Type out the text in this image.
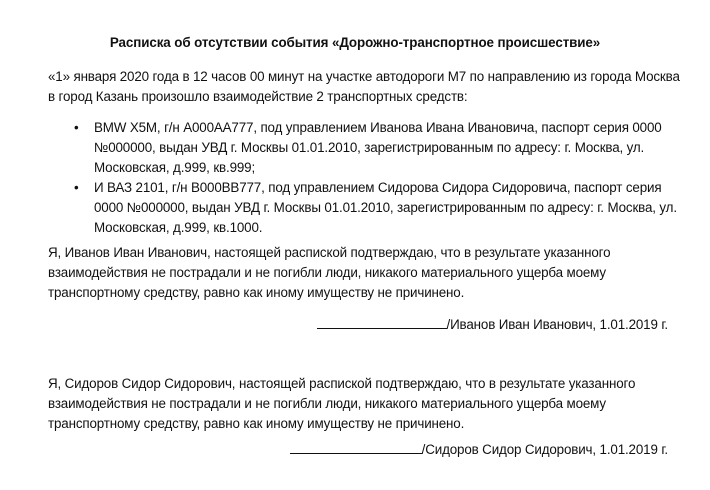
Расписка об отсутствии события «Дорожно-транспортное происшествие»
«1» января 2020 года в 12 часов 00 минут на участке автодороги М7 по направлению из города Москва в город Казань произошло взаимодействие 2 транспортных средств:
• BMW X5M, г/н А000АА777, под управлением Иванова Ивана Ивановича, паспорт серия 0000 №000000, выдан УВД г. Москвы 01.01.2010, зарегистрированным по адресу: г. Москва, ул. Московская, д.999, кв.999;
• И ВАЗ 2101, г/н В000ВВ777, под управлением Сидорова Сидора Сидоровича, паспорт серия 0000 №000000, выдан УВД г. Москвы 01.01.2010, зарегистрированным по адресу: г. Москва, ул. Московская, д.999, кв.1000.
Я, Иванов Иван Иванович, настоящей распиской подтверждаю, что в результате указанного взаимодействия не пострадали и не погибли люди, никакого материального ущерба моему транспортному средству, равно как иному имуществу не причинено.
/Иванов Иван Иванович, 1.01.2019 г.
Я, Сидоров Сидор Сидорович, настоящей распиской подтверждаю, что в результате указанного взаимодействия не пострадали и не погибли люди, никакого материального ущерба моему транспортному средству, равно как иному имуществу не причинено.
/Сидоров Сидор Сидорович, 1.01.2019 г.
